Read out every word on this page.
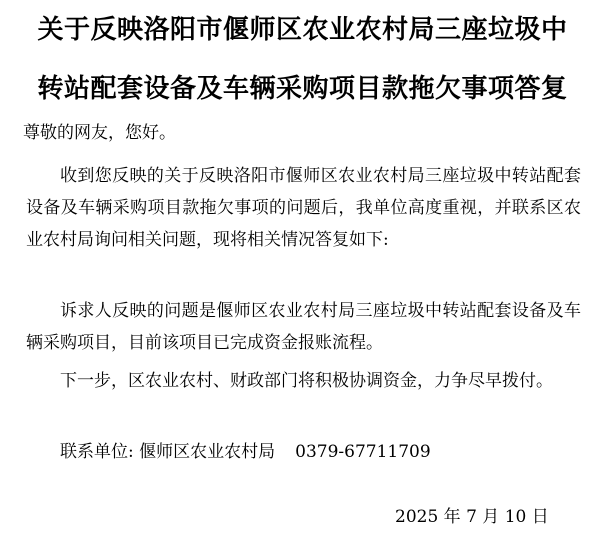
关于反映洛阳市偃师区农业农村局三座垃圾中
转站配套设备及车辆采购项目款拖欠事项答复
尊敬的网友，您好。
收到您反映的关于反映洛阳市偃师区农业农村局三座垃圾中转站配套设备及车辆采购项目款拖欠事项的问题后，我单位高度重视，并联系区农业农村局询问相关问题，现将相关情况答复如下:
诉求人反映的问题是偃师区农业农村局三座垃圾中转站配套设备及车辆采购项目，目前该项目已完成资金报账流程。
下一步，区农业农村、财政部门将积极协调资金，力争尽早拨付。
联系单位: 偃师区农业农村局 0379-67711709
2025 年 7 月 10 日
